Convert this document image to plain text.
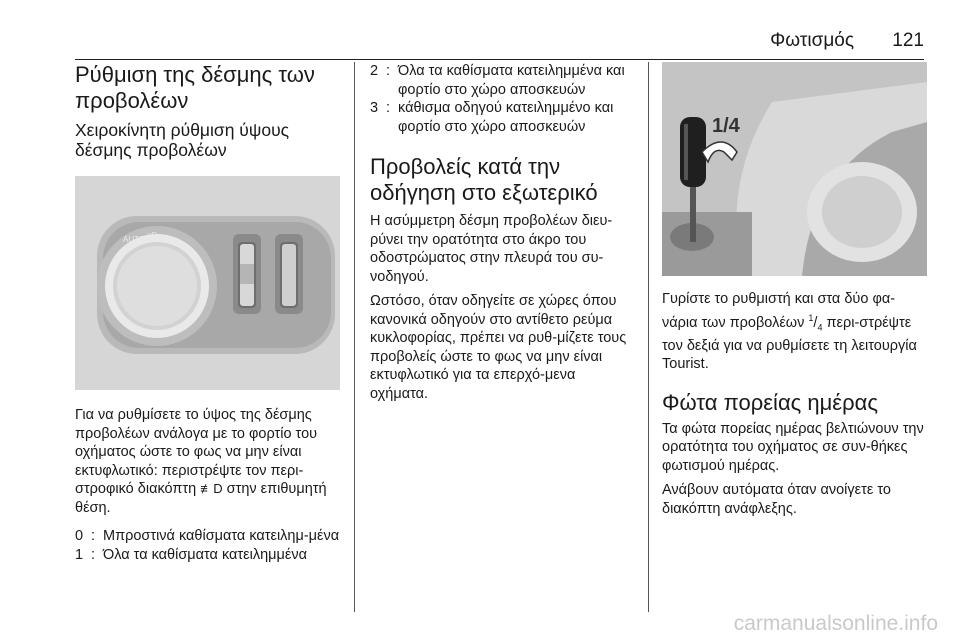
Φωτισμός 121
Ρύθμιση της δέσμης των προβολέων
Χειροκίνητη ρύθμιση ύψους δέσμης προβολέων
AUTO ≡D

Για να ρυθμίσετε το ύψος της δέσμης προβολέων ανάλογα με το φορτίο του οχήματος ώστε το φως να μην είναι εκτυφλωτικό: περιστρέψτε τον περι-στροφικό διακόπτη ≢D στην επιθυμητή θέση.

0 : Μπροστινά καθίσματα κατειλημ-μένα
1 : Όλα τα καθίσματα κατειλημμένα
2 : Όλα τα καθίσματα κατειλημμένα και φορτίο στο χώρο αποσκευών
3 : κάθισμα οδηγού κατειλημμένο και φορτίο στο χώρο αποσκευών
Προβολείς κατά την οδήγηση στο εξωτερικό

Η ασύμμετρη δέσμη προβολέων διευ-ρύνει την ορατότητα στο άκρο του οδοστρώματος στην πλευρά του συ-νοδηγού.

Ωστόσο, όταν οδηγείτε σε χώρες όπου κανονικά οδηγούν στο αντίθετο ρεύμα κυκλοφορίας, πρέπει να ρυθ-μίζετε τους προβολείς ώστε το φως να μην είναι εκτυφλωτικό για τα επερχό-μενα οχήματα.

1/4

Γυρίστε το ρυθμιστή και στα δύο φα-νάρια των προβολέων $^1/_4$ περι-στρέψτε τον δεξιά για να ρυθμίσετε τη λειτουργία Tourist.

Φώτα πορείας ημέρας

Τα φώτα πορείας ημέρας βελτιώνουν την ορατότητα του οχήματος σε συν-θήκες φωτισμού ημέρας.

Ανάβουν αυτόματα όταν ανοίγετε το διακόπτη ανάφλεξης.

carmanualsonline.info
